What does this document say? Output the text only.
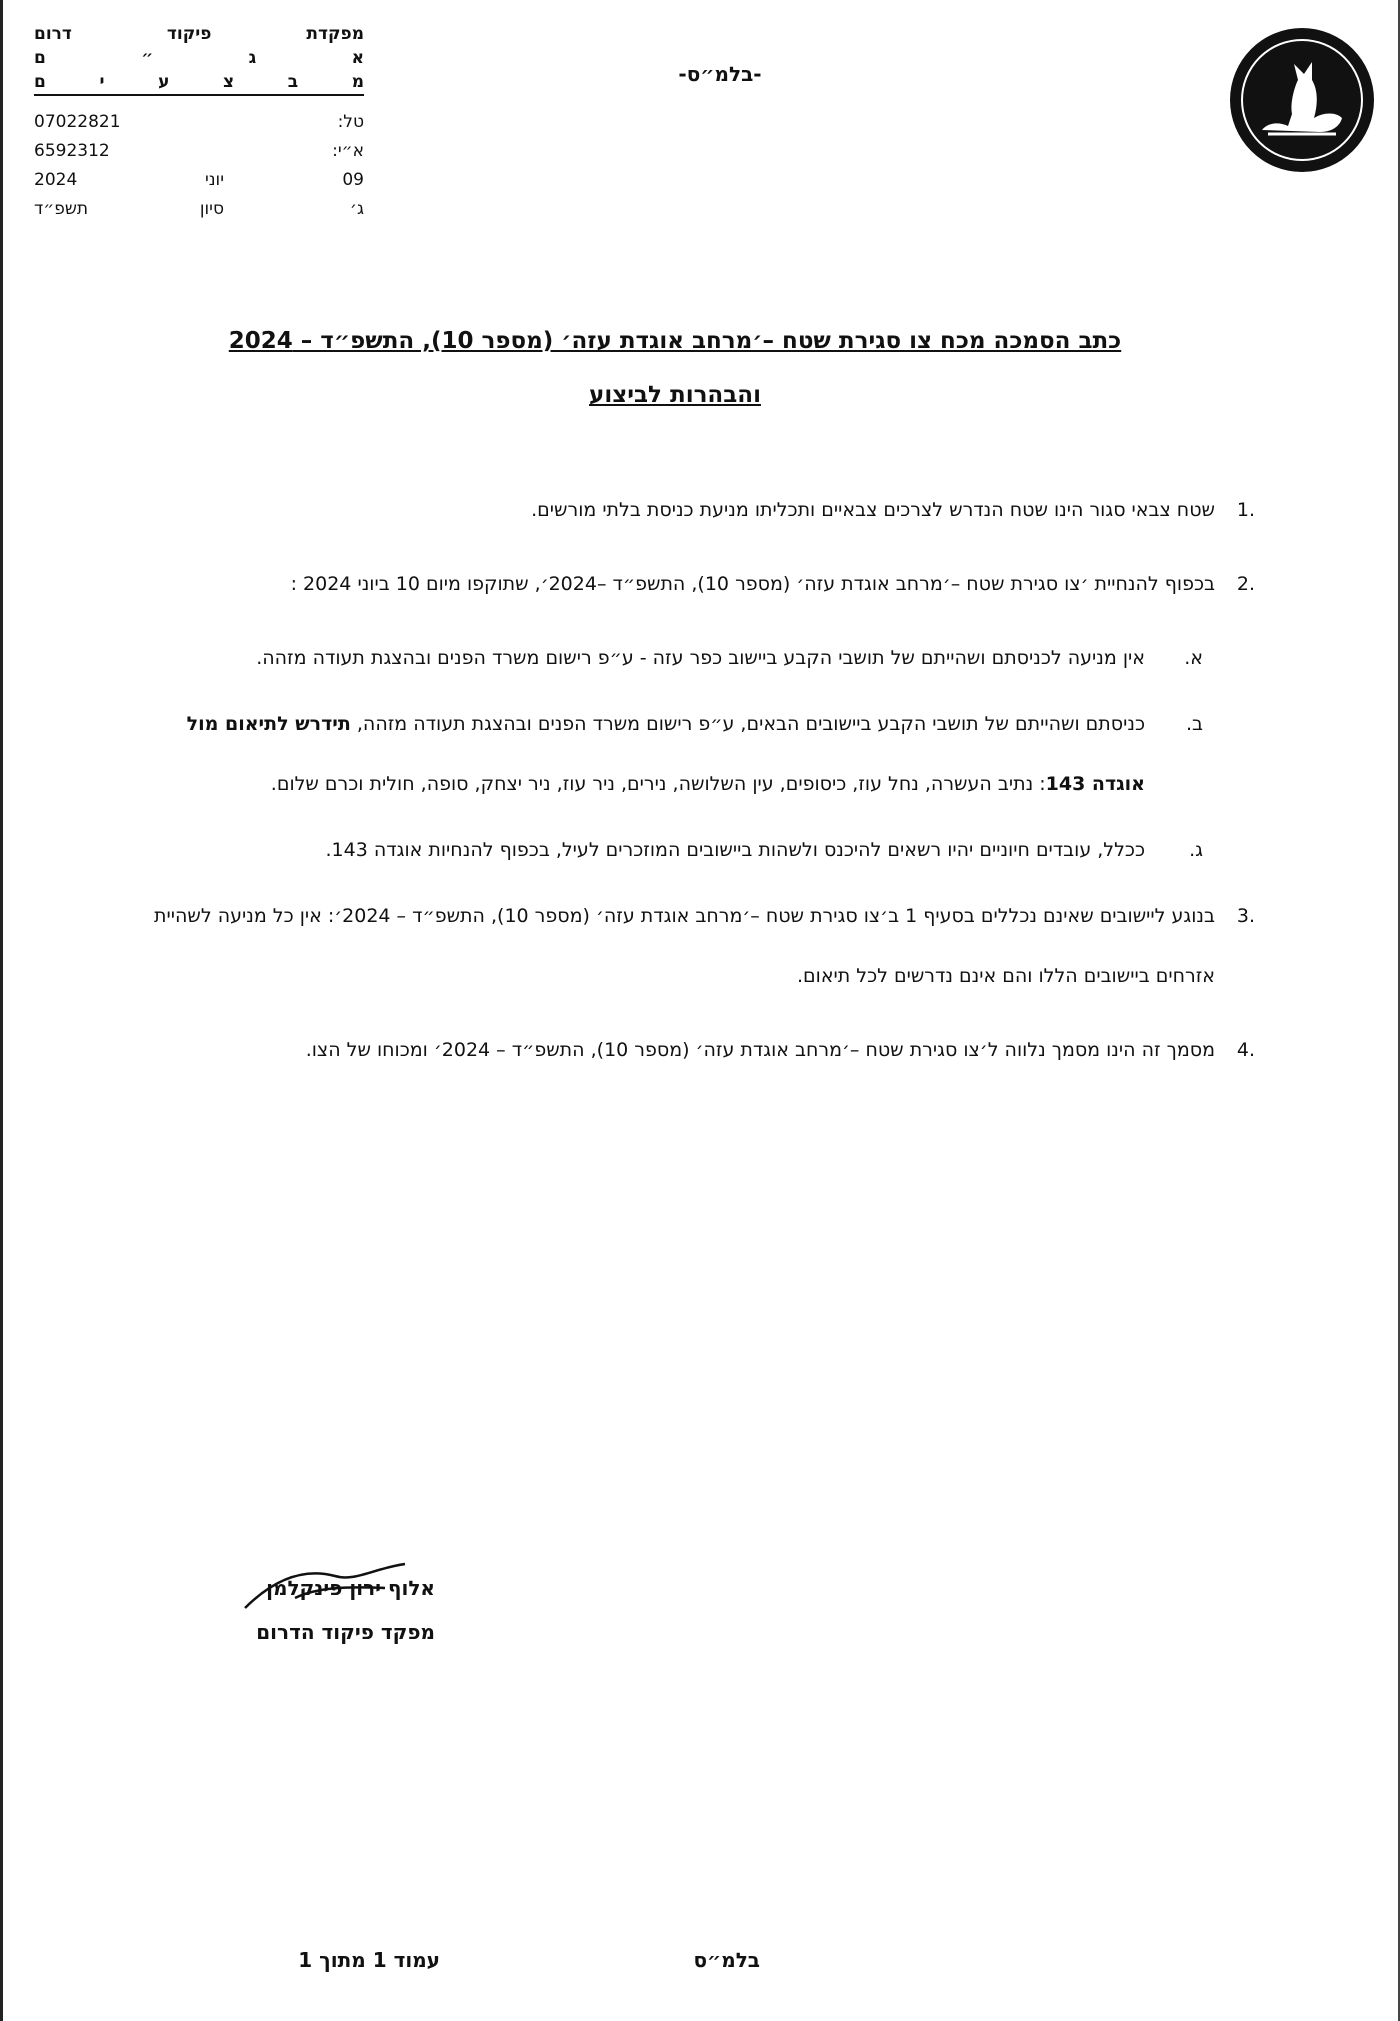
מפקדת
פיקוד
דרום
א
ג
״
ם
מ
ב
צ
ע
י
ם
טל:
07022821
א״י:
6592312
09
יוני
2024
ג׳
סיון
תשפ״ד
-בלמ״ס-
כתב הסמכה מכח צו סגירת שטח –׳מרחב אוגדת עזה׳ (מספר 10), התשפ״ד – 2024
והבהרות לביצוע
.1
שטח צבאי סגור הינו שטח הנדרש לצרכים צבאיים ותכליתו מניעת כניסת בלתי מורשים.
.2
בכפוף להנחיית ׳צו סגירת שטח –׳מרחב אוגדת עזה׳ (מספר 10), התשפ״ד –2024׳, שתוקפו מיום 10 ביוני 2024 :
א.
אין מניעה לכניסתם ושהייתם של תושבי הקבע ביישוב כפר עזה - ע״פ רישום משרד הפנים ובהצגת תעודה מזהה.
ב.
כניסתם ושהייתם של תושבי הקבע ביישובים הבאים, ע״פ רישום משרד הפנים ובהצגת תעודה מזהה, תידרש לתיאום מול אוגדה 143: נתיב העשרה, נחל עוז, כיסופים, עין השלושה, נירים, ניר עוז, ניר יצחק, סופה, חולית וכרם שלום.
ג.
ככלל, עובדים חיוניים יהיו רשאים להיכנס ולשהות ביישובים המוזכרים לעיל, בכפוף להנחיות אוגדה 143.
.3
בנוגע ליישובים שאינם נכללים בסעיף 1 ב׳צו סגירת שטח –׳מרחב אוגדת עזה׳ (מספר 10), התשפ״ד – 2024׳: אין כל מניעה לשהיית אזרחים ביישובים הללו והם אינם נדרשים לכל תיאום.
.4
מסמך זה הינו מסמך נלווה ל׳צו סגירת שטח –׳מרחב אוגדת עזה׳ (מספר 10), התשפ״ד – 2024׳ ומכוחו של הצו.
אלוף ירון פינקלמן
מפקד פיקוד הדרום
בלמ״ס
עמוד 1 מתוך 1
